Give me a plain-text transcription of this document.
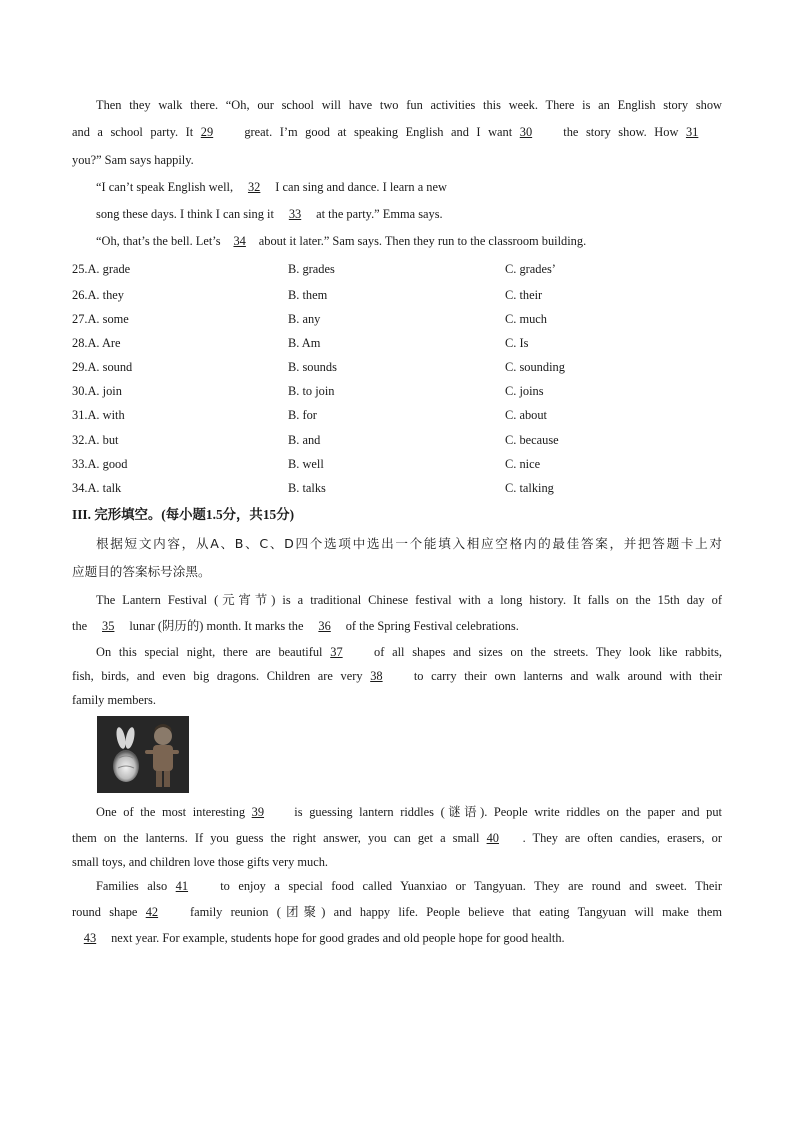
Then they walk there. “Oh, our school will have two fun activities this week. There is an English story show
and a school party. It 29	great. I’m good at speaking English and I want 30	the story show. How 31
you?” Sam says happily.
“I can’t speak English well, 32 I can sing and dance. I learn a new
song these days. I think I can sing it 33 at the party.” Emma says.
“Oh, that’s the bell. Let’s 34 about it later.” Sam says. Then they run to the classroom building.
25.A. grade	B. grades	C. grades’
26.A. they	B. them	C. their
27.A. some	B. any	C. much
28.A. Are	B. Am	C. Is
29.A. sound	B. sounds	C. sounding
30.A. join	B. to join	C. joins
31.A. with	B. for	C. about
32.A. but	B. and	C. because
33.A. good	B. well	C. nice
34.A. talk	B. talks	C. talking
III. 完形填空。(每小题1.5分，共15分)
根据短文内容，从A、B、C、D四个选项中选出一个能填入相应空格内的最佳答案，并把答题卡上对
应题目的答案标号涂黑。
The Lantern Festival (元宵节) is a traditional Chinese festival with a long history. It falls on the 15th day of
the 35 lunar (阴历的) month. It marks the 36 of the Spring Festival celebrations.
On this special night, there are beautiful 37	of all shapes and sizes on the streets. They look like rabbits,
fish, birds, and even big dragons. Children are very 38	to carry their own lanterns and walk around with their
family members.
One of the most interesting 39 is guessing lantern riddles (谜语). People write riddles on the paper and put
them on the lanterns. If you guess the right answer, you can get a small 40 . They are often candies, erasers, or
small toys, and children love those gifts very much.
Families also 41	to enjoy a special food called Yuanxiao or Tangyuan. They are round and sweet. Their
round shape 42	family reunion (团聚) and happy life. People believe that eating Tangyuan will make them
43 next year. For example, students hope for good grades and old people hope for good health.
